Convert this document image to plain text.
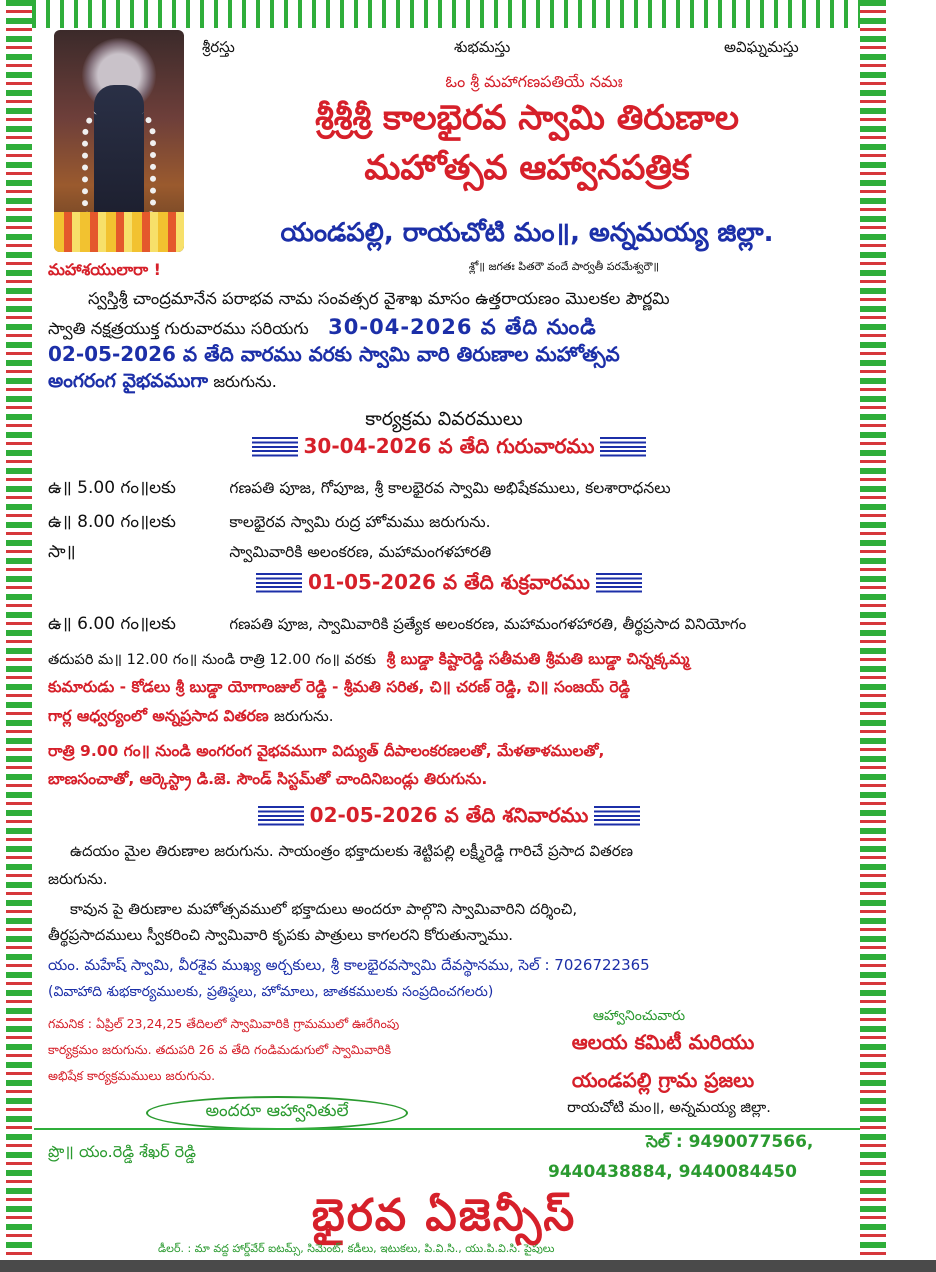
శ్రీరస్తు	శుభమస్తు	అవిఘ్నమస్తు
ఓం శ్రీ మహాగణపతియే నమః
శ్రీశ్రీశ్రీ కాలభైరవ స్వామి తిరుణాల
మహోత్సవ ఆహ్వానపత్రిక
యండపల్లి, రాయచోటి మం॥, అన్నమయ్య జిల్లా.
శ్లో॥ జగతః పితరౌ వందే పార్వతీ పరమేశ్వరౌ॥
మహాశయులారా !
స్వస్తిశ్రీ చాంద్రమానేన పరాభవ నామ సంవత్సర వైశాఖ మాసం ఉత్తరాయణం మొలకల పౌర్ణమి
స్వాతి నక్షత్రయుక్త గురువారము సరియగు 30-04-2026 వ తేది నుండి
02-05-2026 వ తేది వారము వరకు స్వామి వారి తిరుణాల మహోత్సవ
అంగరంగ వైభవముగా జరుగును.
కార్యక్రమ వివరములు
30-04-2026 వ తేది గురువారము
ఉ॥ 5.00 గం॥లకు	గణపతి పూజ, గోపూజ, శ్రీ కాలభైరవ స్వామి అభిషేకములు, కలశారాధనలు
ఉ॥ 8.00 గం॥లకు	కాలభైరవ స్వామి రుద్ర హోమము జరుగును.
సా॥	స్వామివారికి అలంకరణ, మహామంగళహారతి
01-05-2026 వ తేది శుక్రవారము
ఉ॥ 6.00 గం॥లకు	గణపతి పూజ, స్వామివారికి ప్రత్యేక అలంకరణ, మహామంగళహారతి, తీర్థప్రసాద వినియోగం
తదుపరి మ॥ 12.00 గం॥ నుండి రాత్రి 12.00 గం॥ వరకు శ్రీ బుడ్డా కిష్టారెడ్డి సతీమతి శ్రీమతి బుడ్డా చిన్నక్కమ్మ
కుమారుడు - కోడలు శ్రీ బుడ్డా యోగాంజుల్ రెడ్డి - శ్రీమతి సరిత, చి॥ చరణ్ రెడ్డి, చి॥ సంజయ్ రెడ్డి
గార్ల ఆధ్వర్యంలో అన్నప్రసాద వితరణ జరుగును.
రాత్రి 9.00 గం॥ నుండి అంగరంగ వైభవముగా విద్యుత్ దీపాలంకరణలతో, మేళతాళములతో,
బాణసంచాతో, ఆర్కెస్ట్రా డి.జె. సౌండ్ సిస్టమ్‌తో చాందినిబండ్లు తిరుగును.
02-05-2026 వ తేది శనివారము
ఉదయం మైల తిరుణాల జరుగును. సాయంత్రం భక్తాదులకు శెట్టిపల్లి లక్ష్మీరెడ్డి గారిచే ప్రసాద వితరణ
జరుగును.
కావున పై తిరుణాల మహోత్సవములో భక్తాదులు అందరూ పాల్గొని స్వామివారిని దర్శించి,
తీర్థప్రసాదములు స్వీకరించి స్వామివారి కృపకు పాత్రులు కాగలరని కోరుతున్నాము.
యం. మహేష్ స్వామి, వీరశైవ ముఖ్య అర్చకులు, శ్రీ కాలభైరవస్వామి దేవస్థానము, సెల్ : 7026722365
(వివాహాది శుభకార్యములకు, ప్రతిష్ఠలు, హోమాలు, జాతకములకు సంప్రదించగలరు)
గమనిక : ఏప్రిల్ 23,24,25 తేదిలలో స్వామివారికి గ్రామములో ఊరేగింపు
కార్యక్రమం జరుగును. తదుపరి 26 వ తేది గండిమడుగులో స్వామివారికి
అభిషేక కార్యక్రమములు జరుగును.
అందరూ ఆహ్వానితులే
ఆహ్వానించువారు
ఆలయ కమిటీ మరియు
యండపల్లి గ్రామ ప్రజలు
రాయచోటి మం॥, అన్నమయ్య జిల్లా.
ప్రొ॥ యం.రెడ్డి శేఖర్ రెడ్డి	సెల్ : 9490077566,
9440438884, 9440084450
భైరవ ఏజెన్సీస్
డీలర్. : మా వద్ద హార్డ్‌వేర్ ఐటమ్స్, సిమెంట్, కడీలు, ఇటుకలు, పి.వి.సి., యు.పి.వి.సి. పైపులు
